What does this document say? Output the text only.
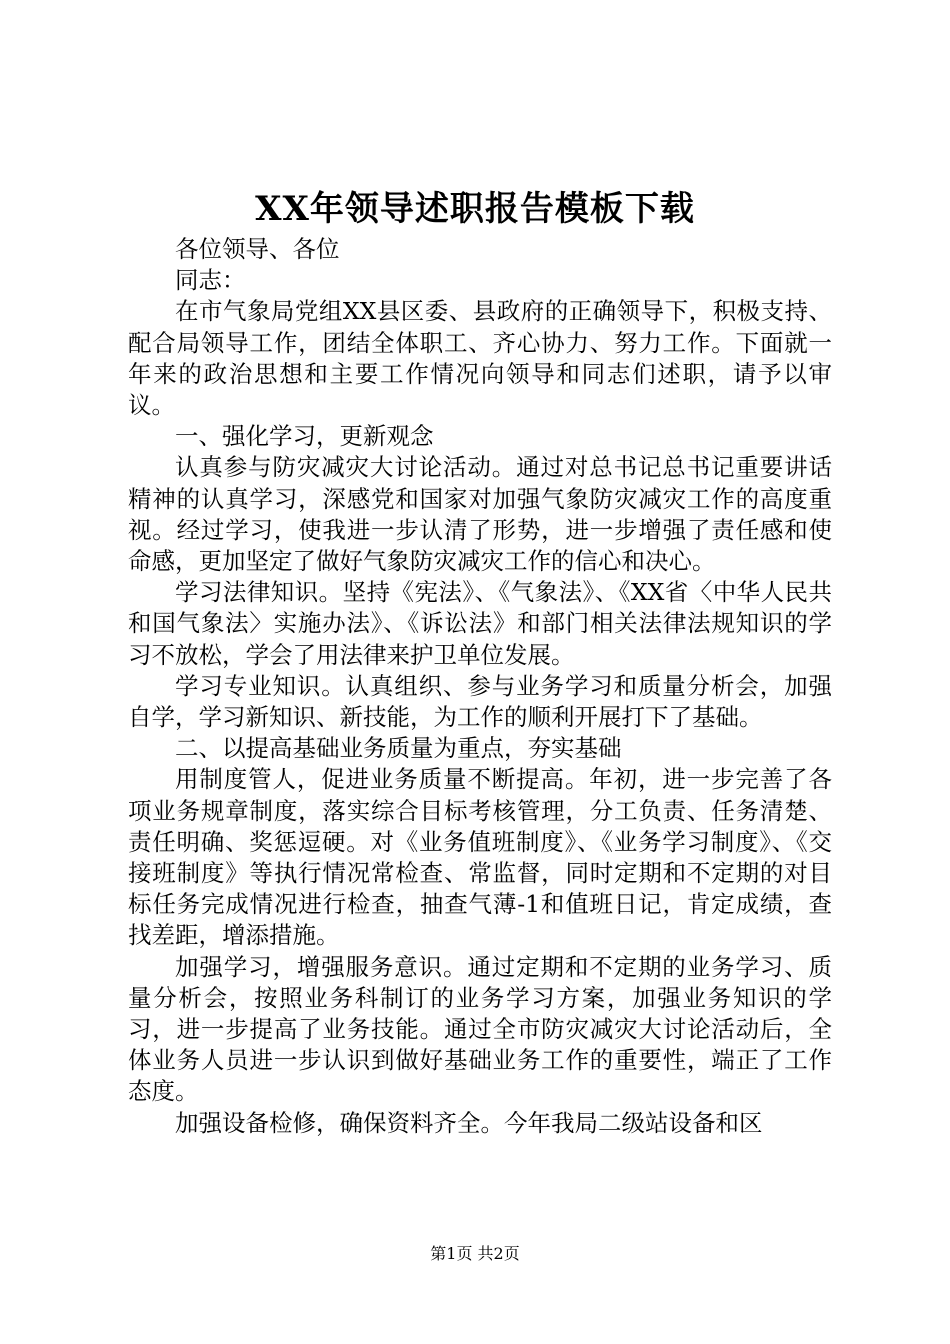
XX年领导述职报告模板下载

各位领导、各位

同志：

在市气象局党组XX县区委、县政府的正确领导下，积极支持、配合局领导工作，团结全体职工、齐心协力、努力工作。下面就一年来的政治思想和主要工作情况向领导和同志们述职，请予以审议。

一、强化学习，更新观念

认真参与防灾减灾大讨论活动。通过对总书记总书记重要讲话精神的认真学习，深感党和国家对加强气象防灾减灾工作的高度重视。经过学习，使我进一步认清了形势，进一步增强了责任感和使命感，更加坚定了做好气象防灾减灾工作的信心和决心。

学习法律知识。坚持《宪法》、《气象法》、《XX省〈中华人民共和国气象法〉实施办法》、《诉讼法》和部门相关法律法规知识的学习不放松，学会了用法律来护卫单位发展。

学习专业知识。认真组织、参与业务学习和质量分析会，加强自学，学习新知识、新技能，为工作的顺利开展打下了基础。

二、以提高基础业务质量为重点，夯实基础

用制度管人，促进业务质量不断提高。年初，进一步完善了各项业务规章制度，落实综合目标考核管理，分工负责、任务清楚、责任明确、奖惩逗硬。对《业务值班制度》、《业务学习制度》、《交接班制度》等执行情况常检查、常监督，同时定期和不定期的对目标任务完成情况进行检查，抽查气薄-1和值班日记，肯定成绩，查找差距，增添措施。

加强学习，增强服务意识。通过定期和不定期的业务学习、质量分析会，按照业务科制订的业务学习方案，加强业务知识的学习，进一步提高了业务技能。通过全市防灾减灾大讨论活动后，全体业务人员进一步认识到做好基础业务工作的重要性，端正了工作态度。

加强设备检修，确保资料齐全。今年我局二级站设备和区

第1页 共2页
